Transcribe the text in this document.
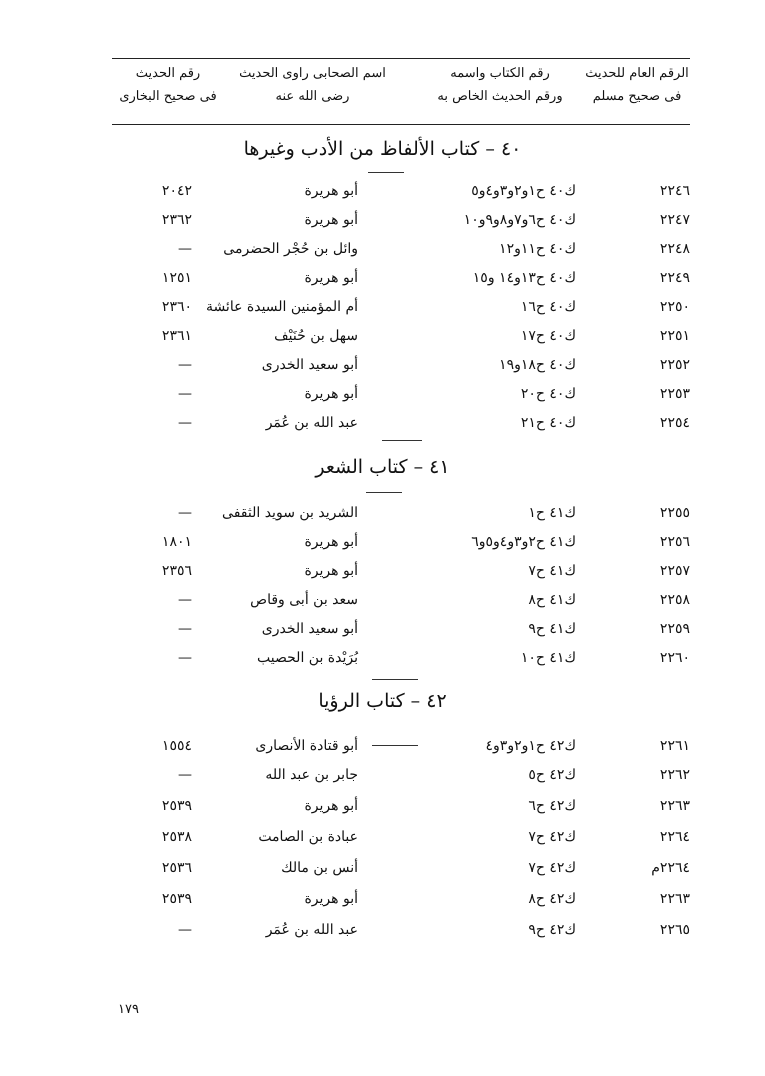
الرقم العام للحديث
فى صحيح مسلم
رقم الكتاب واسمه
ورقم الحديث الخاص به
اسم الصحابى راوى الحديث
رضى الله عنه
رقم الحديث
فى صحيح البخارى
٤٠ – كتاب الألفاظ من الأدب وغيرها
٢٢٤٦
ك٤٠ ح١و٢و٣و٤و٥
أبو هريرة
٢٠٤٢
٢٢٤٧
ك٤٠ ح٦و٧و٨و٩و١٠
أبو هريرة
٢٣٦٢
٢٢٤٨
ك٤٠ ح١١و١٢
وائل بن حُجْر الحضرمى
—
٢٢٤٩
ك٤٠ ح١٣و١٤ و١٥
أبو هريرة
١٢٥١
٢٢٥٠
ك٤٠ ح١٦
أم المؤمنين السيدة عائشة
٢٣٦٠
٢٢٥١
ك٤٠ ح١٧
سهل بن حُنَيْف
٢٣٦١
٢٢٥٢
ك٤٠ ح١٨و١٩
أبو سعيد الخدرى
—
٢٢٥٣
ك٤٠ ح٢٠
أبو هريرة
—
٢٢٥٤
ك٤٠ ح٢١
عبد الله بن عُمَر
—
٤١ – كتاب الشعر
٢٢٥٥
ك٤١ ح١
الشريد بن سويد الثقفى
—
٢٢٥٦
ك٤١ ح٢و٣و٤و٥و٦
أبو هريرة
١٨٠١
٢٢٥٧
ك٤١ ح٧
أبو هريرة
٢٣٥٦
٢٢٥٨
ك٤١ ح٨
سعد بن أبى وقاص
—
٢٢٥٩
ك٤١ ح٩
أبو سعيد الخدرى
—
٢٢٦٠
ك٤١ ح١٠
بُرَيْدة بن الحصيب
—
٤٢ – كتاب الرؤيا
٢٢٦١
ك٤٢ ح١و٢و٣و٤
أبو قتادة الأنصارى
١٥٥٤
٢٢٦٢
ك٤٢ ح٥
جابر بن عبد الله
—
٢٢٦٣
ك٤٢ ح٦
أبو هريرة
٢٥٣٩
٢٢٦٤
ك٤٢ ح٧
عبادة بن الصامت
٢٥٣٨
٢٢٦٤م
ك٤٢ ح٧
أنس بن مالك
٢٥٣٦
٢٢٦٣
ك٤٢ ح٨
أبو هريرة
٢٥٣٩
٢٢٦٥
ك٤٢ ح٩
عبد الله بن عُمَر
—
١٧٩
